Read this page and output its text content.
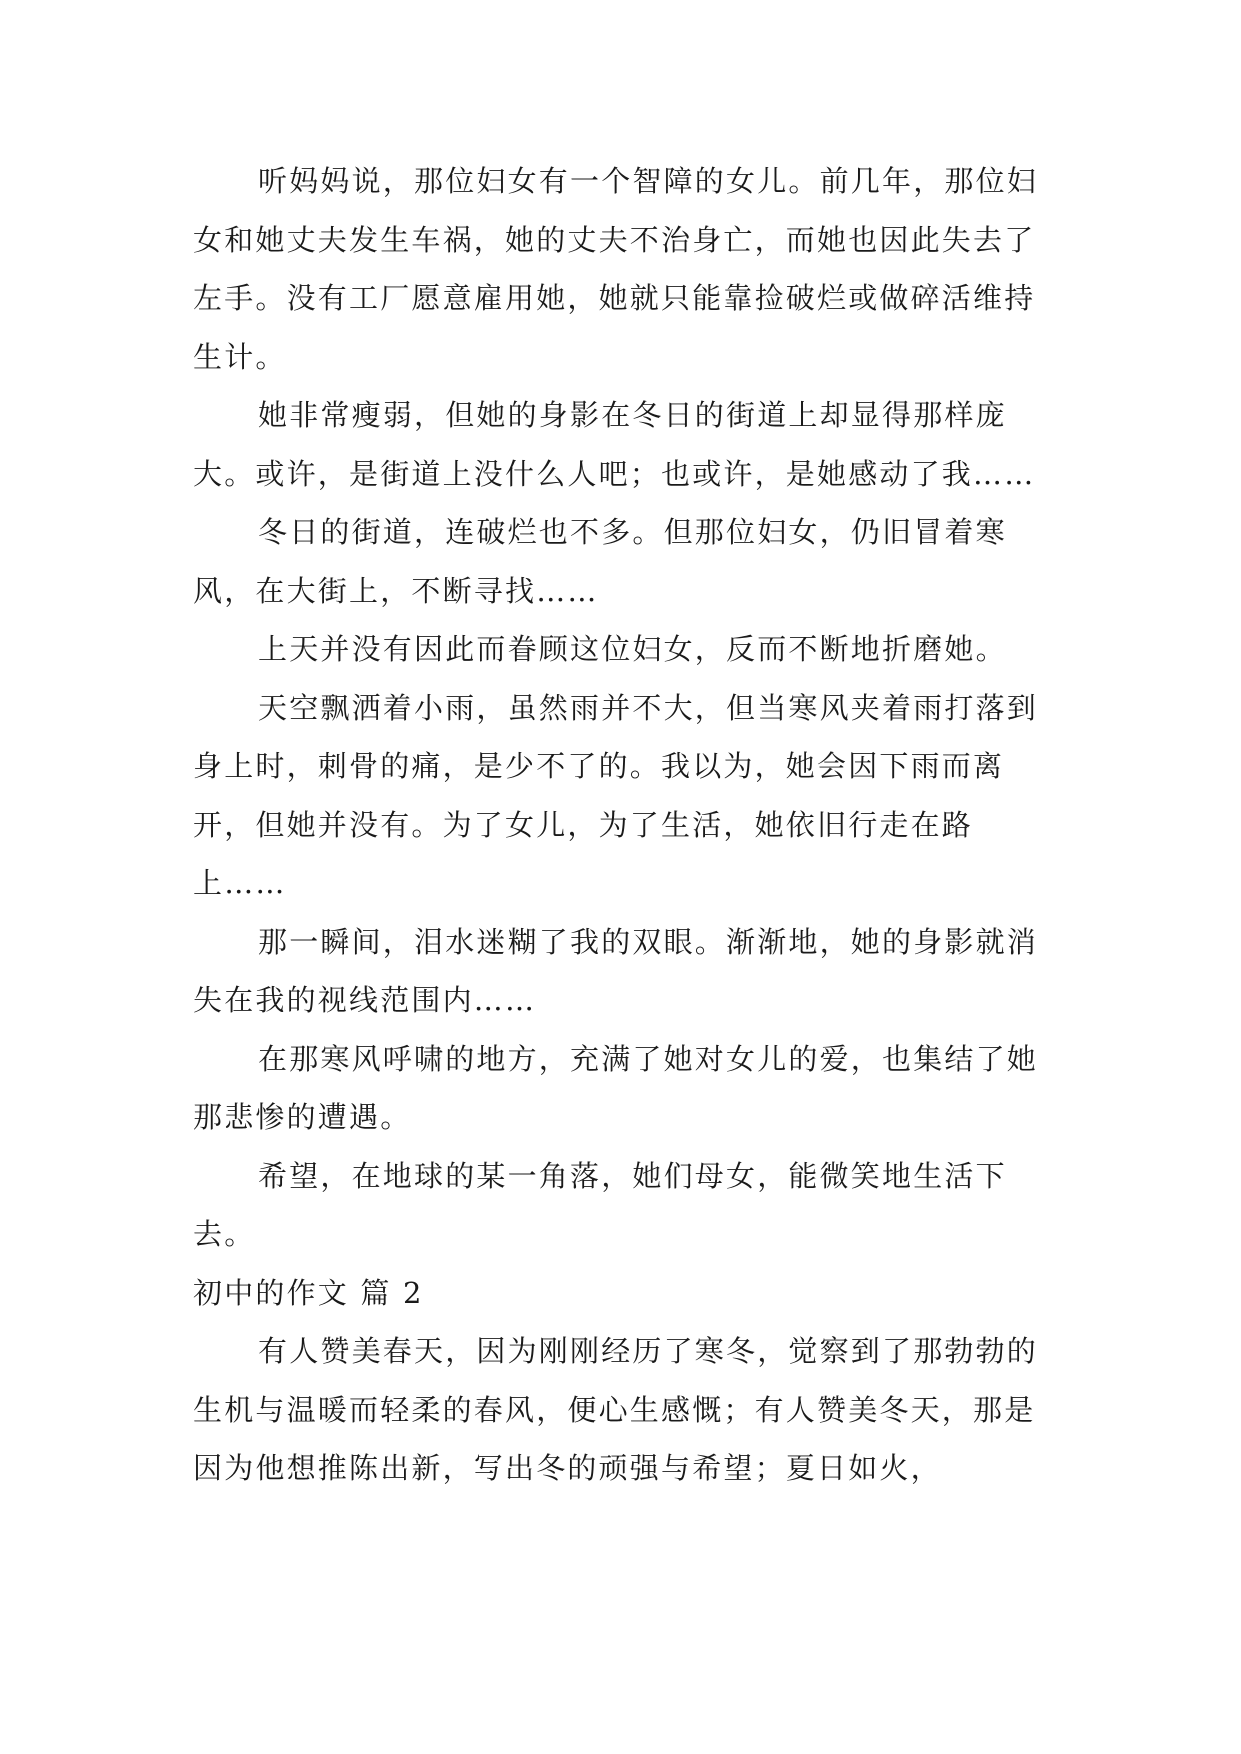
听妈妈说，那位妇女有一个智障的女儿。前几年，那位妇女和她丈夫发生车祸，她的丈夫不治身亡，而她也因此失去了左手。没有工厂愿意雇用她，她就只能靠捡破烂或做碎活维持生计。

她非常瘦弱，但她的身影在冬日的街道上却显得那样庞大。或许，是街道上没什么人吧；也或许，是她感动了我……

冬日的街道，连破烂也不多。但那位妇女，仍旧冒着寒风，在大街上，不断寻找……

上天并没有因此而眷顾这位妇女，反而不断地折磨她。

天空飘洒着小雨，虽然雨并不大，但当寒风夹着雨打落到身上时，刺骨的痛，是少不了的。我以为，她会因下雨而离开，但她并没有。为了女儿，为了生活，她依旧行走在路上……

那一瞬间，泪水迷糊了我的双眼。渐渐地，她的身影就消失在我的视线范围内……

在那寒风呼啸的地方，充满了她对女儿的爱，也集结了她那悲惨的遭遇。

希望，在地球的某一角落，她们母女，能微笑地生活下去。

初中的作文 篇 2

有人赞美春天，因为刚刚经历了寒冬，觉察到了那勃勃的生机与温暖而轻柔的春风，便心生感慨；有人赞美冬天，那是因为他想推陈出新，写出冬的顽强与希望；夏日如火，
